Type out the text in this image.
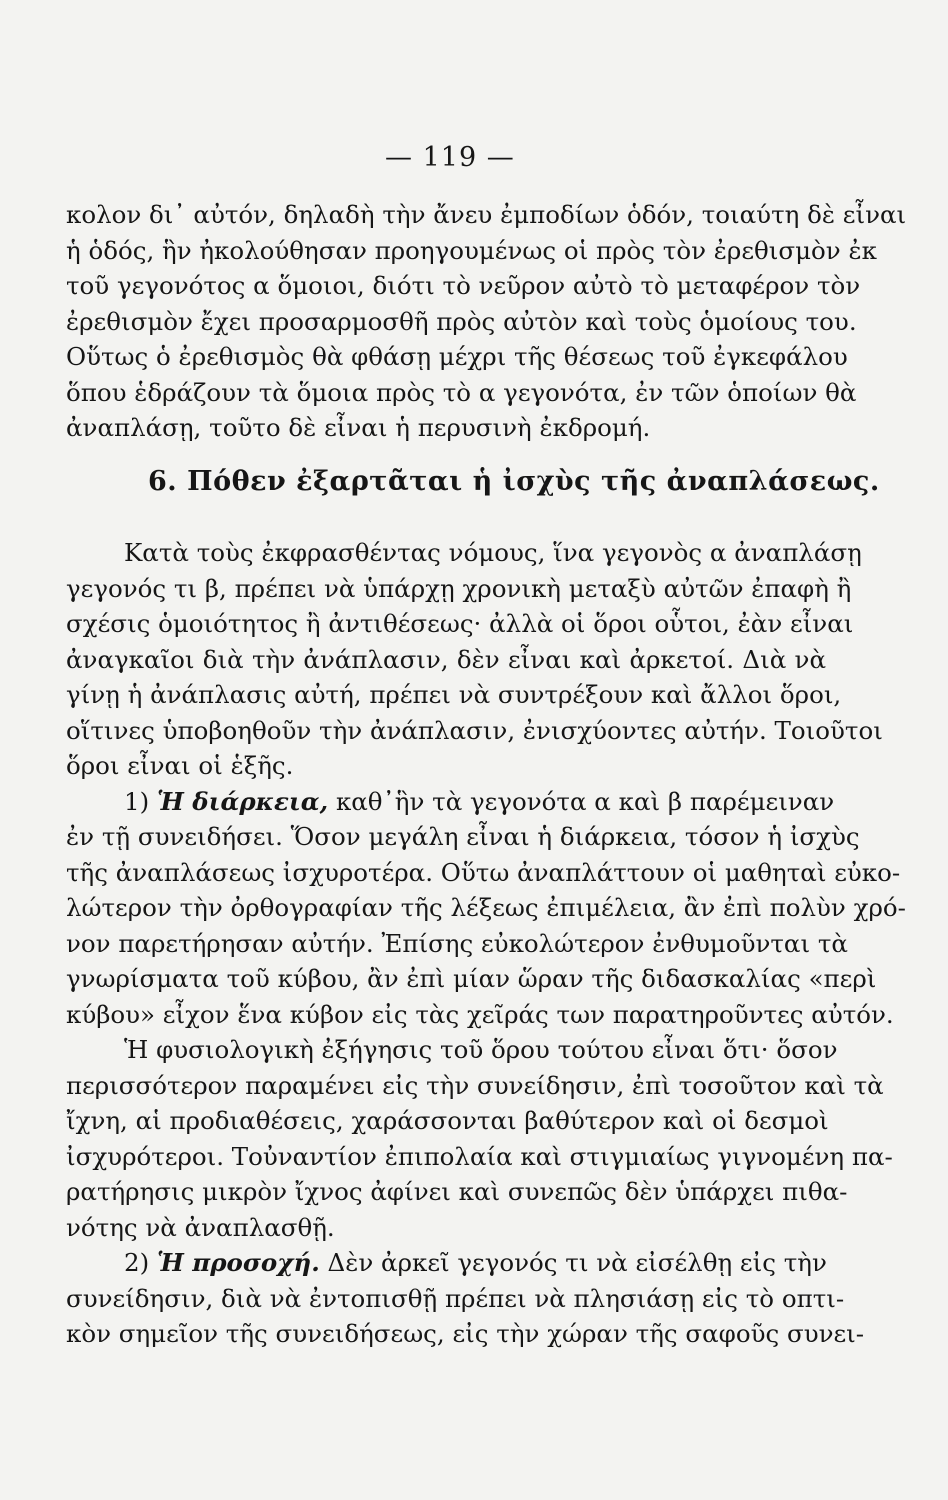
— 119 —
κολον δι᾽ αὐτόν, δηλαδὴ τὴν ἄνευ ἐμποδίων ὁδόν, τοιαύτη δὲ εἶναι
ἡ ὁδός, ἣν ἠκολούθησαν προηγουμένως οἱ πρὸς τὸν ἐρεθισμὸν ἐκ
τοῦ γεγονότος α ὅμοιοι, διότι τὸ νεῦρον αὐτὸ τὸ μεταφέρον τὸν
ἐρεθισμὸν ἔχει προσαρμοσθῆ πρὸς αὐτὸν καὶ τοὺς ὁμοίους του.
Οὕτως ὁ ἐρεθισμὸς θὰ φθάσῃ μέχρι τῆς θέσεως τοῦ ἐγκεφάλου
ὅπου ἑδράζουν τὰ ὅμοια πρὸς τὸ α γεγονότα, ἐν τῶν ὁποίων θὰ
ἀναπλάσῃ, τοῦτο δὲ εἶναι ἡ περυσινὴ ἐκδρομή.
6. Πόθεν ἐξαρτᾶται ἡ ἰσχὺς τῆς ἀναπλάσεως.
Κατὰ τοὺς ἐκφρασθέντας νόμους, ἵνα γεγονὸς α ἀναπλάσῃ
γεγονός τι β, πρέπει νὰ ὑπάρχῃ χρονικὴ μεταξὺ αὐτῶν ἐπαφὴ ἢ
σχέσις ὁμοιότητος ἢ ἀντιθέσεως· ἀλλὰ οἱ ὅροι οὗτοι, ἐὰν εἶναι
ἀναγκαῖοι διὰ τὴν ἀνάπλασιν, δὲν εἶναι καὶ ἀρκετοί. Διὰ νὰ
γίνῃ ἡ ἀνάπλασις αὐτή, πρέπει νὰ συντρέξουν καὶ ἄλλοι ὅροι,
οἵτινες ὑποβοηθοῦν τὴν ἀνάπλασιν, ἐνισχύοντες αὐτήν. Τοιοῦτοι
ὅροι εἶναι οἱ ἑξῆς.
1) Ἡ διάρκεια, καθ᾽ἣν τὰ γεγονότα α καὶ β παρέμειναν
ἐν τῇ συνειδήσει. Ὅσον μεγάλη εἶναι ἡ διάρκεια, τόσον ἡ ἰσχὺς
τῆς ἀναπλάσεως ἰσχυροτέρα. Οὕτω ἀναπλάττουν οἱ μαθηταὶ εὐκο-
λώτερον τὴν ὀρθογραφίαν τῆς λέξεως ἐπιμέλεια, ἂν ἐπὶ πολὺν χρό-
νον παρετήρησαν αὐτήν. Ἐπίσης εὐκολώτερον ἐνθυμοῦνται τὰ
γνωρίσματα τοῦ κύβου, ἂν ἐπὶ μίαν ὥραν τῆς διδασκαλίας «περὶ
κύβου» εἶχον ἕνα κύβον εἰς τὰς χεῖράς των παρατηροῦντες αὐτόν.
Ἡ φυσιολογικὴ ἐξήγησις τοῦ ὅρου τούτου εἶναι ὅτι· ὅσον
περισσότερον παραμένει εἰς τὴν συνείδησιν, ἐπὶ τοσοῦτον καὶ τὰ
ἴχνη, αἱ προδιαθέσεις, χαράσσονται βαθύτερον καὶ οἱ δεσμοὶ
ἰσχυρότεροι. Τοὐναντίον ἐπιπολαία καὶ στιγμιαίως γιγνομένη πα-
ρατήρησις μικρὸν ἴχνος ἀφίνει καὶ συνεπῶς δὲν ὑπάρχει πιθα-
νότης νὰ ἀναπλασθῇ.
2) Ἡ προσοχή. Δὲν ἀρκεῖ γεγονός τι νὰ εἰσέλθῃ εἰς τὴν
συνείδησιν, διὰ νὰ ἐντοπισθῇ πρέπει νὰ πλησιάσῃ εἰς τὸ οπτι-
κὸν σημεῖον τῆς συνειδήσεως, εἰς τὴν χώραν τῆς σαφοῦς συνει-
